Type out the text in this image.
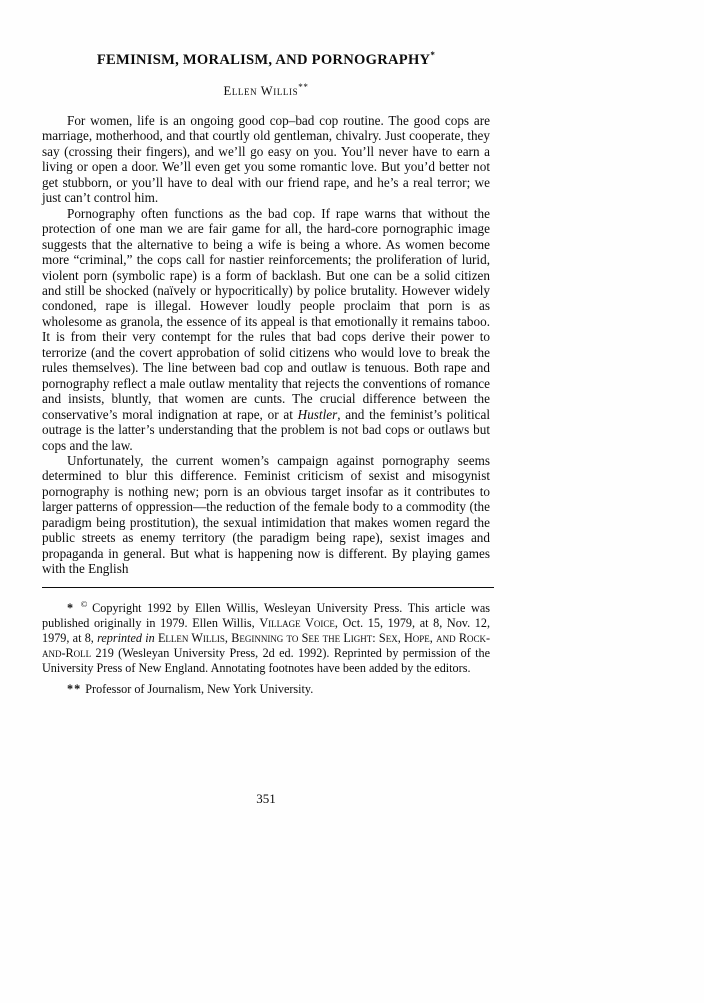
FEMINISM, MORALISM, AND PORNOGRAPHY*
Ellen Willis**

For women, life is an ongoing good cop–bad cop routine. The good cops are marriage, motherhood, and that courtly old gentleman, chivalry. Just cooperate, they say (crossing their fingers), and we’ll go easy on you. You’ll never have to earn a living or open a door. We’ll even get you some romantic love. But you’d better not get stubborn, or you’ll have to deal with our friend rape, and he’s a real terror; we just can’t control him.

Pornography often functions as the bad cop. If rape warns that without the protection of one man we are fair game for all, the hard-core pornographic image suggests that the alternative to being a wife is being a whore. As women become more “criminal,” the cops call for nastier reinforcements; the proliferation of lurid, violent porn (symbolic rape) is a form of backlash. But one can be a solid citizen and still be shocked (naïvely or hypocritically) by police brutality. However widely condoned, rape is illegal. However loudly people proclaim that porn is as wholesome as granola, the essence of its appeal is that emotionally it remains taboo. It is from their very contempt for the rules that bad cops derive their power to terrorize (and the covert approbation of solid citizens who would love to break the rules themselves). The line between bad cop and outlaw is tenuous. Both rape and pornography reflect a male outlaw mentality that rejects the conventions of romance and insists, bluntly, that women are cunts. The crucial difference between the conservative’s moral indignation at rape, or at Hustler, and the feminist’s political outrage is the latter’s understanding that the problem is not bad cops or outlaws but cops and the law.

Unfortunately, the current women’s campaign against pornography seems determined to blur this difference. Feminist criticism of sexist and misogynist pornography is nothing new; porn is an obvious target insofar as it contributes to larger patterns of oppression—the reduction of the female body to a commodity (the paradigm being prostitution), the sexual intimidation that makes women regard the public streets as enemy territory (the paradigm being rape), sexist images and propaganda in general. But what is happening now is different. By playing games with the English

* © Copyright 1992 by Ellen Willis, Wesleyan University Press. This article was published originally in 1979. Ellen Willis, Village Voice, Oct. 15, 1979, at 8, Nov. 12, 1979, at 8, reprinted in Ellen Willis, Beginning to See the Light: Sex, Hope, and Rock-and-Roll 219 (Wesleyan University Press, 2d ed. 1992). Reprinted by permission of the University Press of New England. Annotating footnotes have been added by the editors.

** Professor of Journalism, New York University.

351
